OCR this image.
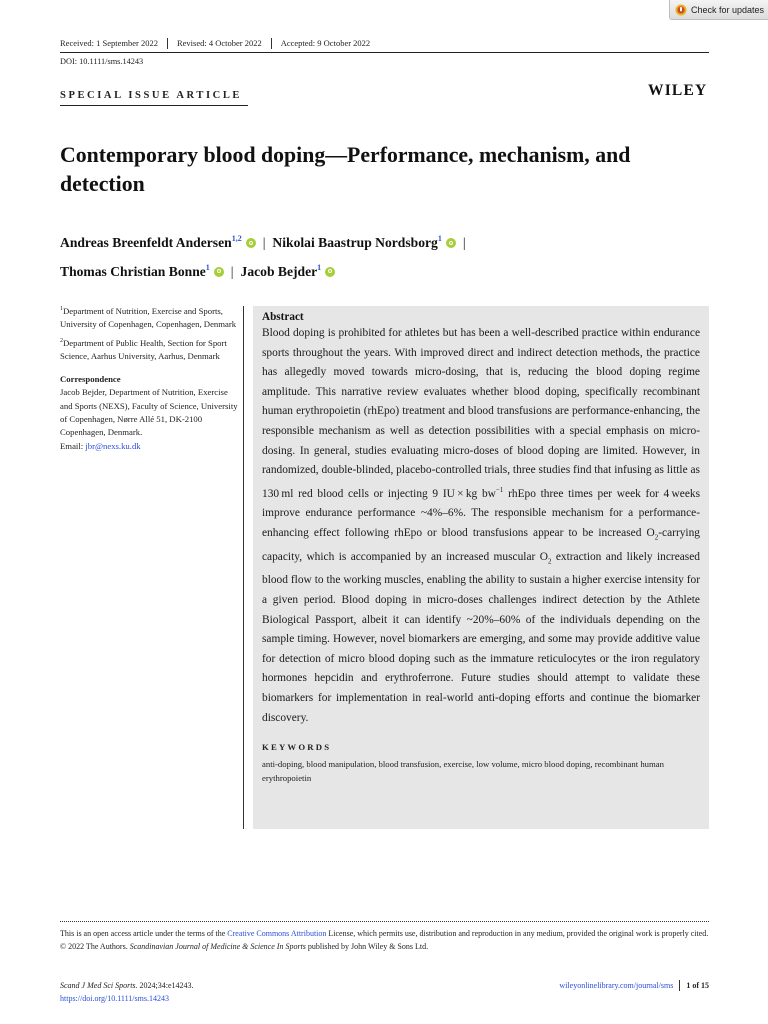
Check for updates
Received: 1 September 2022	Revised: 4 October 2022	Accepted: 9 October 2022
DOI: 10.1111/sms.14243
SPECIAL ISSUE ARTICLE	WILEY
Contemporary blood doping—Performance, mechanism, and detection
Andreas Breenfeldt Andersen$^{1,2}$ | Nikolai Baastrup Nordsborg$^1$ |
Thomas Christian Bonne$^1$ | Jacob Bejder$^1$

$^1$Department of Nutrition, Exercise and Sports, University of Copenhagen, Copenhagen, Denmark

$^2$Department of Public Health, Section for Sport Science, Aarhus University, Aarhus, Denmark

Correspondence
Jacob Bejder, Department of Nutrition, Exercise and Sports (NEXS), Faculty of Science, University of Copenhagen, Nørre Allé 51, DK-2100 Copenhagen, Denmark.
Email: jbr@nexs.ku.dk
Abstract
Blood doping is prohibited for athletes but has been a well-described practice within endurance sports throughout the years. With improved direct and indirect detection methods, the practice has allegedly moved towards micro-dosing, that is, reducing the blood doping regime amplitude. This narrative review evaluates whether blood doping, specifically recombinant human erythropoietin (rhEpo) treatment and blood transfusions are performance-enhancing, the responsible mechanism as well as detection possibilities with a special emphasis on micro-dosing. In general, studies evaluating micro-doses of blood doping are limited. However, in randomized, double-blinded, placebo-controlled trials, three studies find that infusing as little as 130 ml red blood cells or injecting 9 IU × kg $bw^{-1}$ rhEpo three times per week for 4 weeks improve endurance performance ~4%–6%. The responsible mechanism for a performance-enhancing effect following rhEpo or blood transfusions appear to be increased $O_2$-carrying capacity, which is accompanied by an increased muscular $O_2$ extraction and likely increased blood flow to the working muscles, enabling the ability to sustain a higher exercise intensity for a given period. Blood doping in micro-doses challenges indirect detection by the Athlete Biological Passport, albeit it can identify ~20%–60% of the individuals depending on the sample timing. However, novel biomarkers are emerging, and some may provide additive value for detection of micro blood doping such as the immature reticulocytes or the iron regulatory hormones hepcidin and erythroferrone. Future studies should attempt to validate these biomarkers for implementation in real-world anti-doping efforts and continue the biomarker discovery.
KEYWORDS
anti-doping, blood manipulation, blood transfusion, exercise, low volume, micro blood doping, recombinant human erythropoietin
This is an open access article under the terms of the Creative Commons Attribution License, which permits use, distribution and reproduction in any medium, provided the original work is properly cited.
© 2022 The Authors. Scandinavian Journal of Medicine & Science In Sports published by John Wiley & Sons Ltd.
Scand J Med Sci Sports. 2024;34:e14243.
https://doi.org/10.1111/sms.14243
wileyonlinelibrary.com/journal/sms 1 of 15
